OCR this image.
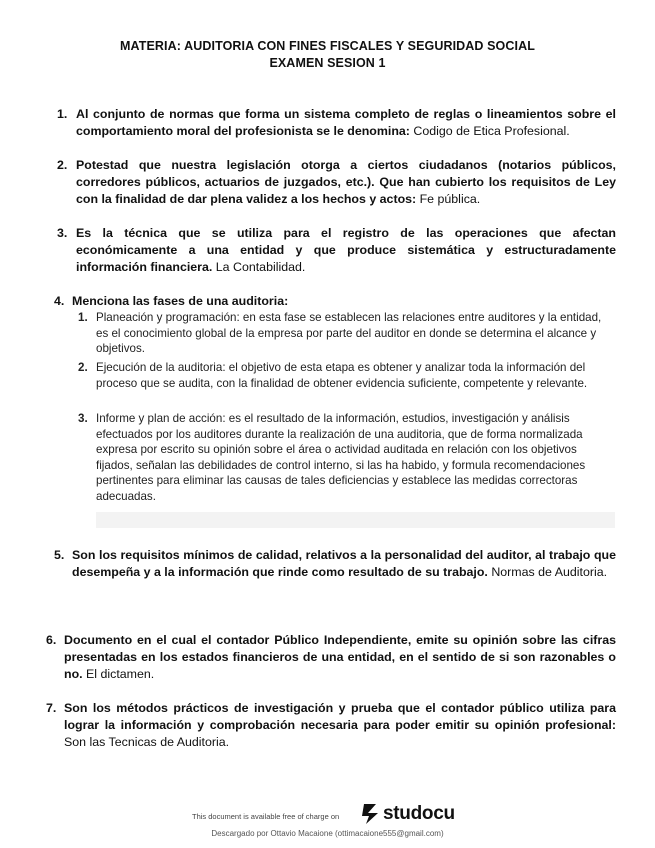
MATERIA: AUDITORIA CON FINES FISCALES Y SEGURIDAD SOCIAL
EXAMEN SESION 1
1. Al conjunto de normas que forma un sistema completo de reglas o lineamientos sobre el comportamiento moral del profesionista se le denomina: Codigo de Etica Profesional.
2. Potestad que nuestra legislación otorga a ciertos ciudadanos (notarios públicos, corredores públicos, actuarios de juzgados, etc.). Que han cubierto los requisitos de Ley con la finalidad de dar plena validez a los hechos y actos: Fe pública.
3. Es la técnica que se utiliza para el registro de las operaciones que afectan económicamente a una entidad y que produce sistemática y estructuradamente información financiera. La Contabilidad.
4. Menciona las fases de una auditoria:
1. Planeación y programación: en esta fase se establecen las relaciones entre auditores y la entidad, es el conocimiento global de la empresa por parte del auditor en donde se determina el alcance y objetivos.
2. Ejecución de la auditoria: el objetivo de esta etapa es obtener y analizar toda la información del proceso que se audita, con la finalidad de obtener evidencia suficiente, competente y relevante.
3. Informe y plan de acción: es el resultado de la información, estudios, investigación y análisis efectuados por los auditores durante la realización de una auditoria, que de forma normalizada expresa por escrito su opinión sobre el área o actividad auditada en relación con los objetivos fijados, señalan las debilidades de control interno, si las ha habido, y formula recomendaciones pertinentes para eliminar las causas de tales deficiencias y establece las medidas correctoras adecuadas.
5. Son los requisitos mínimos de calidad, relativos a la personalidad del auditor, al trabajo que desempeña y a la información que rinde como resultado de su trabajo. Normas de Auditoria.
6. Documento en el cual el contador Público Independiente, emite su opinión sobre las cifras presentadas en los estados financieros de una entidad, en el sentido de si son razonables o no. El dictamen.
7. Son los métodos prácticos de investigación y prueba que el contador público utiliza para lograr la información y comprobación necesaria para poder emitir su opinión profesional: Son las Tecnicas de Auditoria.
This document is available free of charge on studocu
Descargado por Ottavio Macaione (ottimacaione555@gmail.com)
